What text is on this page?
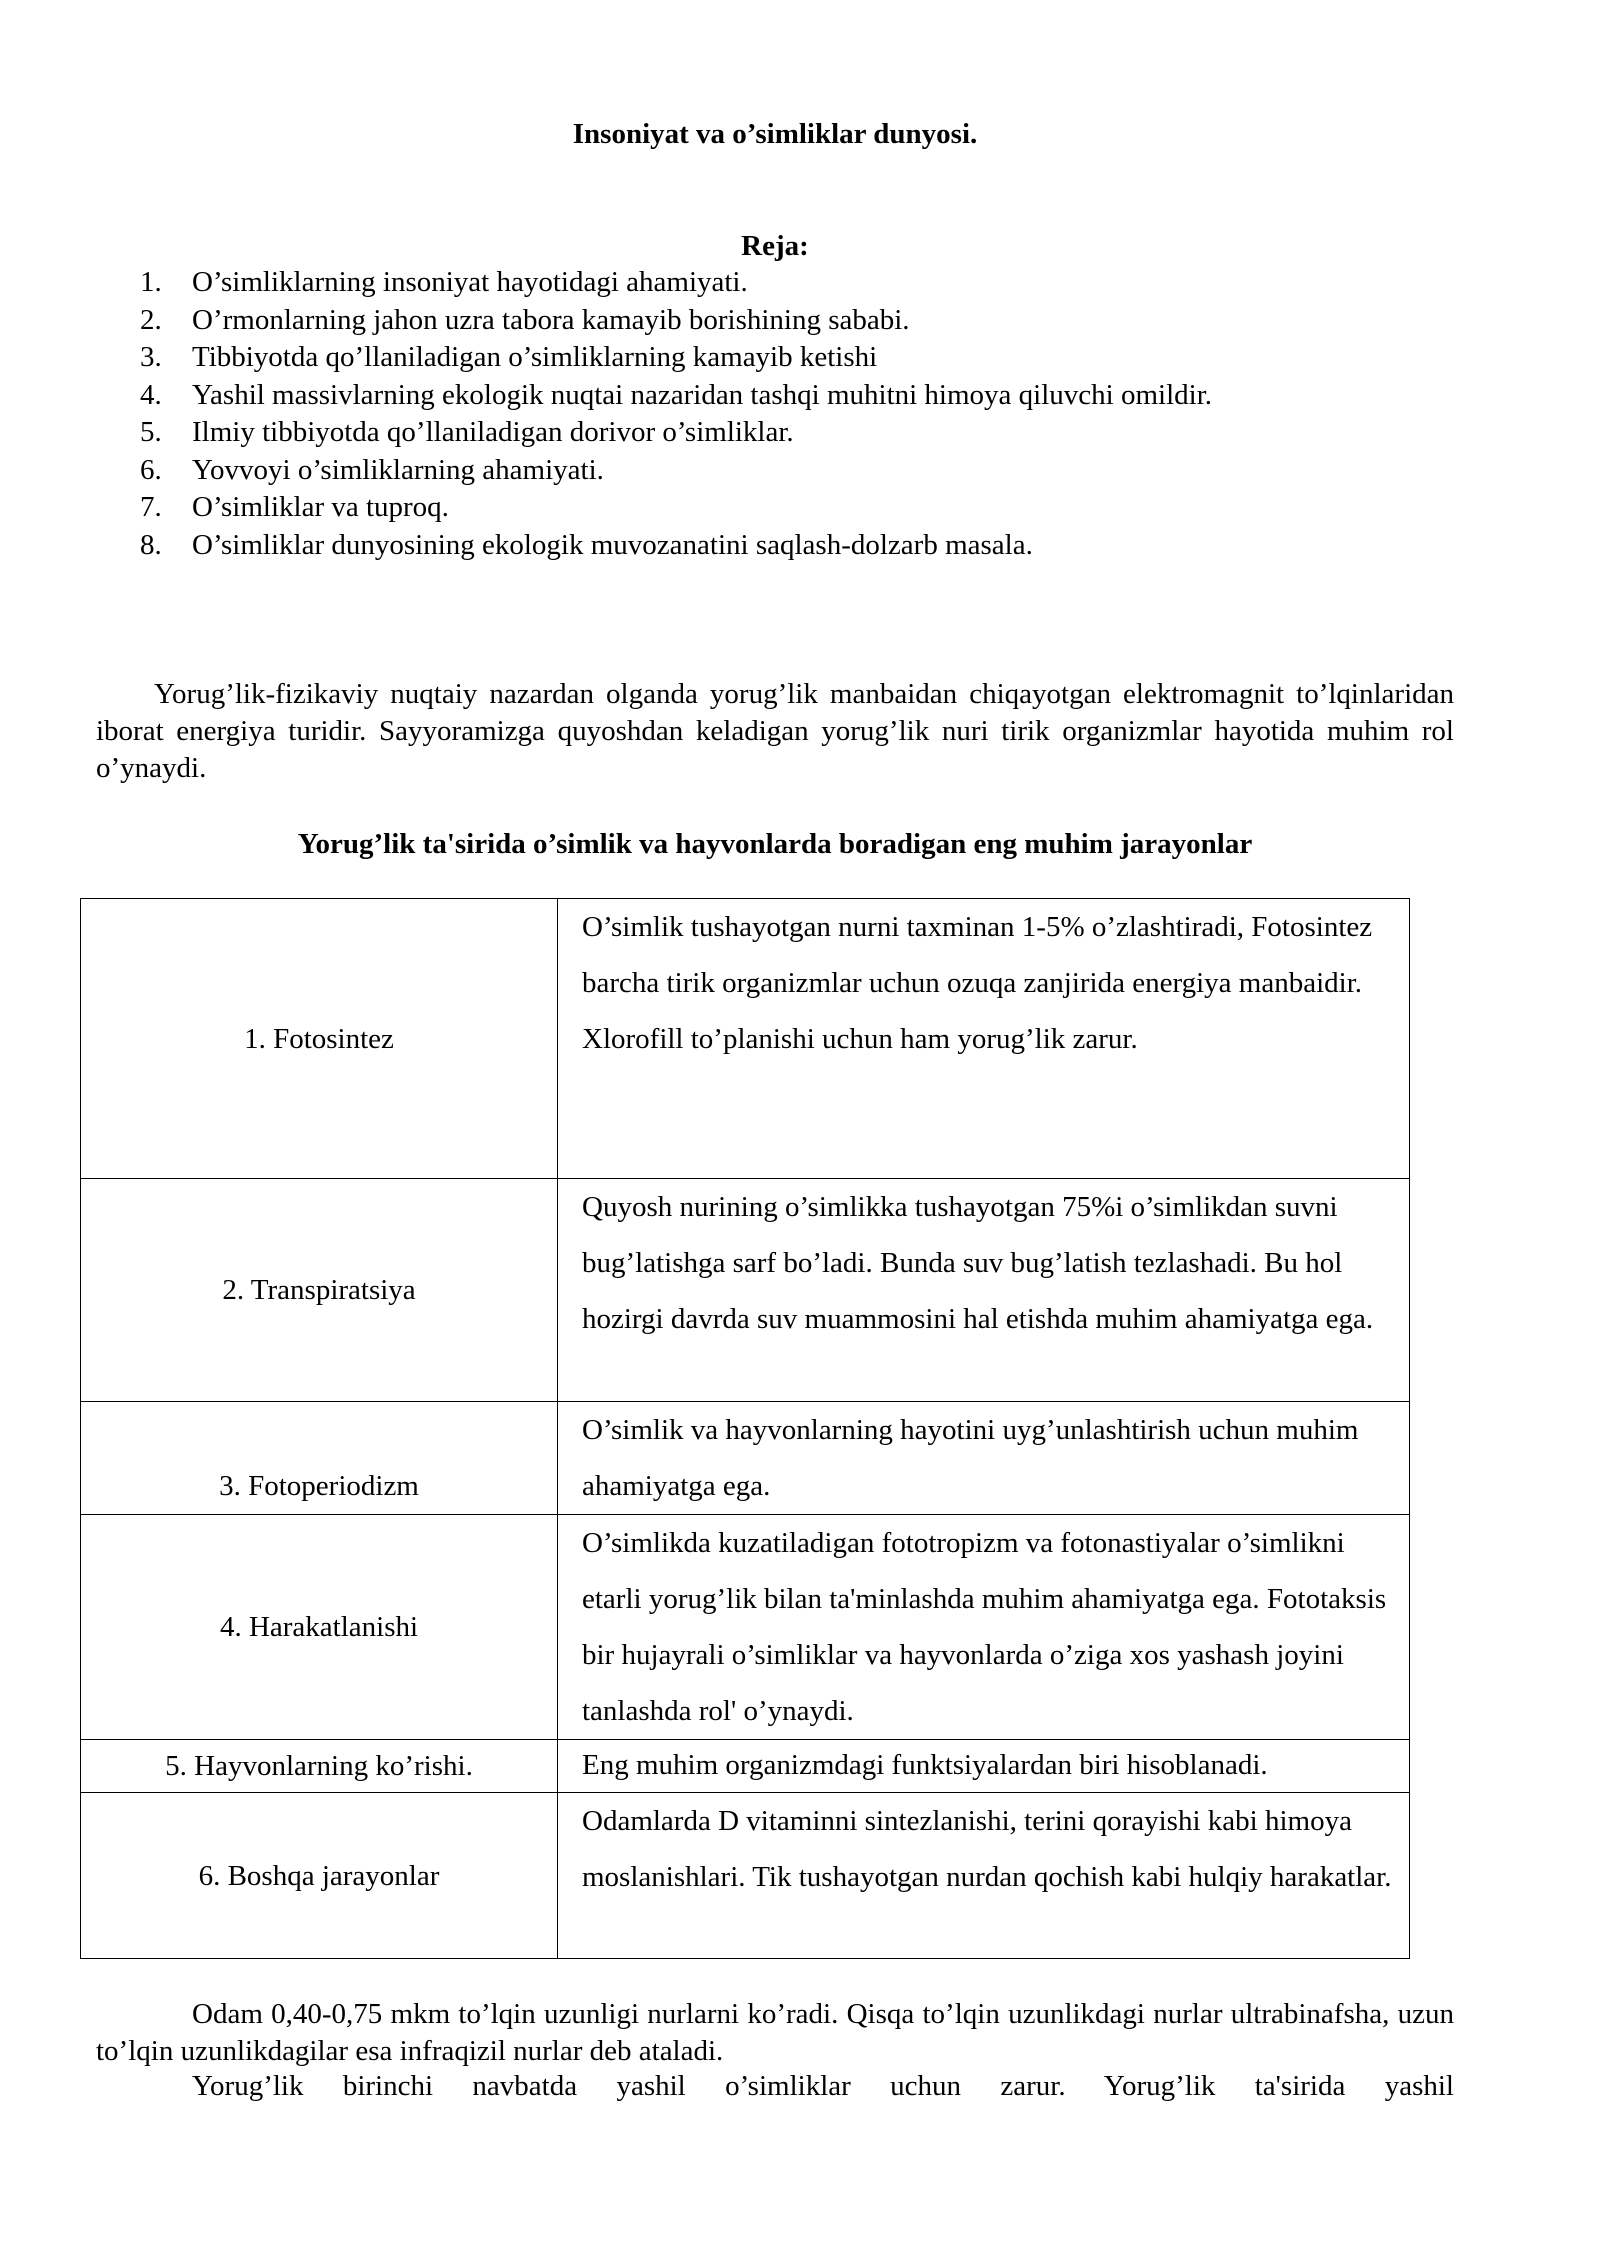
Insoniyat va o’simliklar dunyosi.
Reja:
1.	O’simliklarning insoniyat hayotidagi ahamiyati.
2.	O’rmonlarning jahon uzra tabora kamayib borishining sababi.
3.	Tibbiyotda qo’llaniladigan o’simliklarning kamayib ketishi
4.	Yashil massivlarning ekologik nuqtai nazaridan tashqi muhitni himoya qiluvchi omildir.
5.	Ilmiy tibbiyotda qo’llaniladigan dorivor o’simliklar.
6.	Yovvoyi o’simliklarning ahamiyati.
7.	O’simliklar va tuproq.
8.	O’simliklar dunyosining ekologik muvozanatini saqlash-dolzarb masala.

Yorug’lik-fizikaviy nuqtaiy nazardan olganda yorug’lik manbaidan chiqayotgan elektromagnit to’lqinlaridan iborat energiya turidir. Sayyoramizga quyoshdan keladigan yorug’lik nuri tirik organizmlar hayotida muhim rol o’ynaydi.

Yorug’lik ta'sirida o’simlik va hayvonlarda boradigan eng muhim jarayonlar
1. Fotosintez	O’simlik tushayotgan nurni taxminan 1-5% o’zlashtiradi, Fotosintez barcha tirik organizmlar uchun ozuqa zanjirida energiya manbaidir. Xlorofill to’planishi uchun ham yorug’lik zarur.
2. Transpiratsiya	Quyosh nurining o’simlikka tushayotgan 75%i o’simlikdan suvni bug’latishga sarf bo’ladi. Bunda suv bug’latish tezlashadi. Bu hol hozirgi davrda suv muammosini hal etishda muhim ahamiyatga ega.
3. Fotoperiodizm	O’simlik va hayvonlarning hayotini uyg’unlashtirish uchun muhim ahamiyatga ega.
4. Harakatlanishi	O’simlikda kuzatiladigan fototropizm va fotonastiyalar o’simlikni etarli yorug’lik bilan ta'minlashda muhim ahamiyatga ega. Fototaksis bir hujayrali o’simliklar va hayvonlarda o’ziga xos yashash joyini tanlashda rol' o’ynaydi.
5. Hayvonlarning ko’rishi.	Eng muhim organizmdagi funktsiyalardan biri hisoblanadi.
6. Boshqa jarayonlar	Odamlarda D vitaminni sintezlanishi, terini qorayishi kabi himoya moslanishlari. Tik tushayotgan nurdan qochish kabi hulqiy harakatlar.

Odam 0,40-0,75 mkm to’lqin uzunligi nurlarni ko’radi. Qisqa to’lqin uzunlikdagi nurlar ultrabinafsha, uzun to’lqin uzunlikdagilar esa infraqizil nurlar deb ataladi.

Yorug’lik birinchi navbatda yashil o’simliklar uchun zarur. Yorug’lik ta'sirida yashil
